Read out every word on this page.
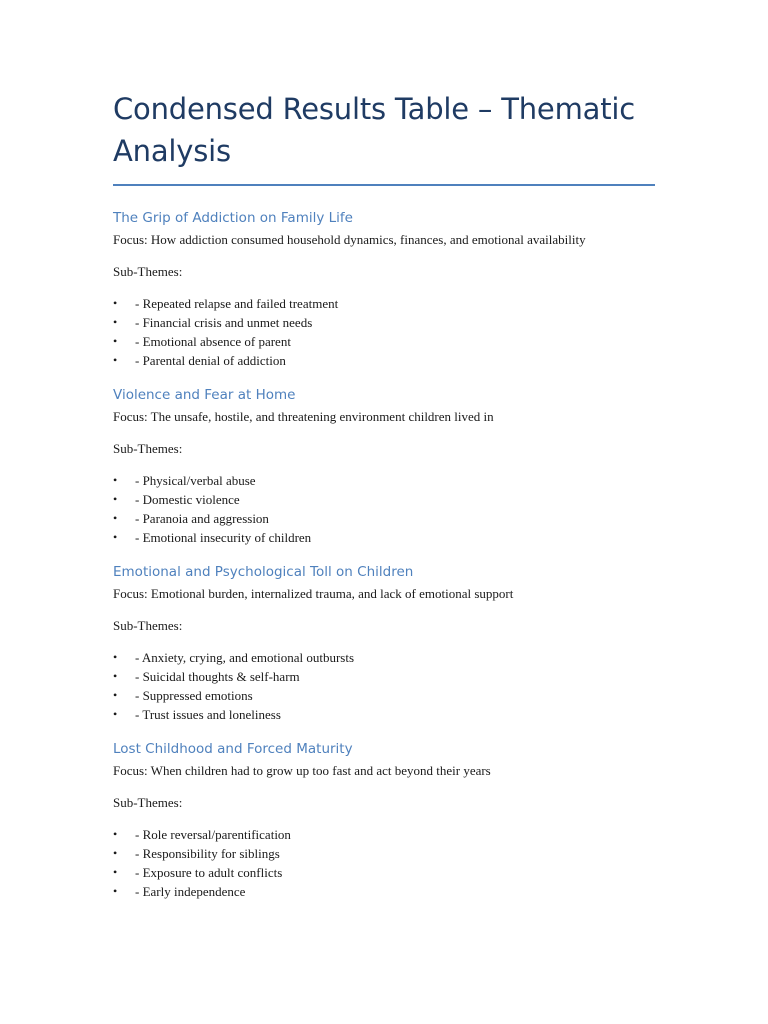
Condensed Results Table – Thematic Analysis
The Grip of Addiction on Family Life

Focus: How addiction consumed household dynamics, finances, and emotional availability

Sub-Themes:

• - Repeated relapse and failed treatment
• - Financial crisis and unmet needs
• - Emotional absence of parent
• - Parental denial of addiction
Violence and Fear at Home

Focus: The unsafe, hostile, and threatening environment children lived in

Sub-Themes:

• - Physical/verbal abuse
• - Domestic violence
• - Paranoia and aggression
• - Emotional insecurity of children
Emotional and Psychological Toll on Children

Focus: Emotional burden, internalized trauma, and lack of emotional support

Sub-Themes:

• - Anxiety, crying, and emotional outbursts
• - Suicidal thoughts & self-harm
• - Suppressed emotions
• - Trust issues and loneliness
Lost Childhood and Forced Maturity

Focus: When children had to grow up too fast and act beyond their years

Sub-Themes:

• - Role reversal/parentification
• - Responsibility for siblings
• - Exposure to adult conflicts
• - Early independence
